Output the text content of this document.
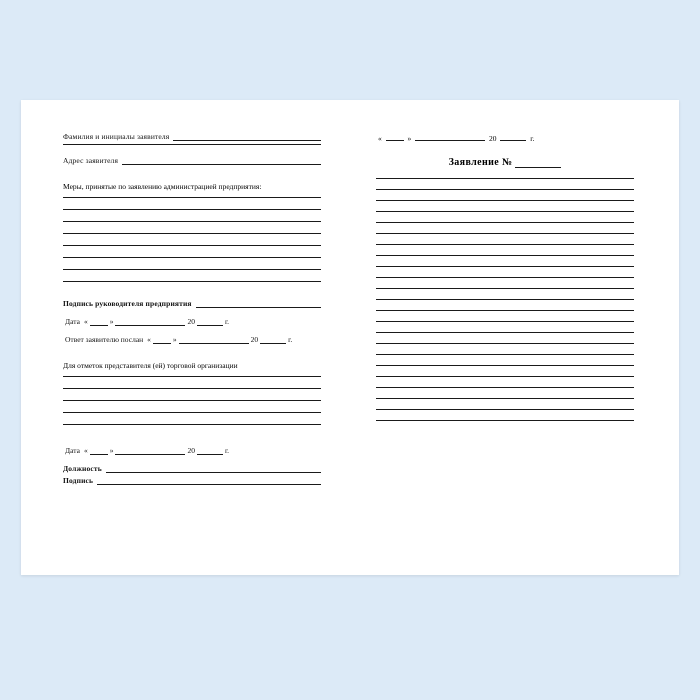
Фамилия и инициалы заявителя
Адрес заявителя
Меры, принятые по заявлению администрацией предприятия:
Подпись руководителя предприятия
Дата «	»	20	г.
Ответ заявителю послан «	»	20	г.
Для отметок представителя (ей) торговой организации
Дата «	»	20	г.
Должность
Подпись
«	»	20	г.
Заявление №
